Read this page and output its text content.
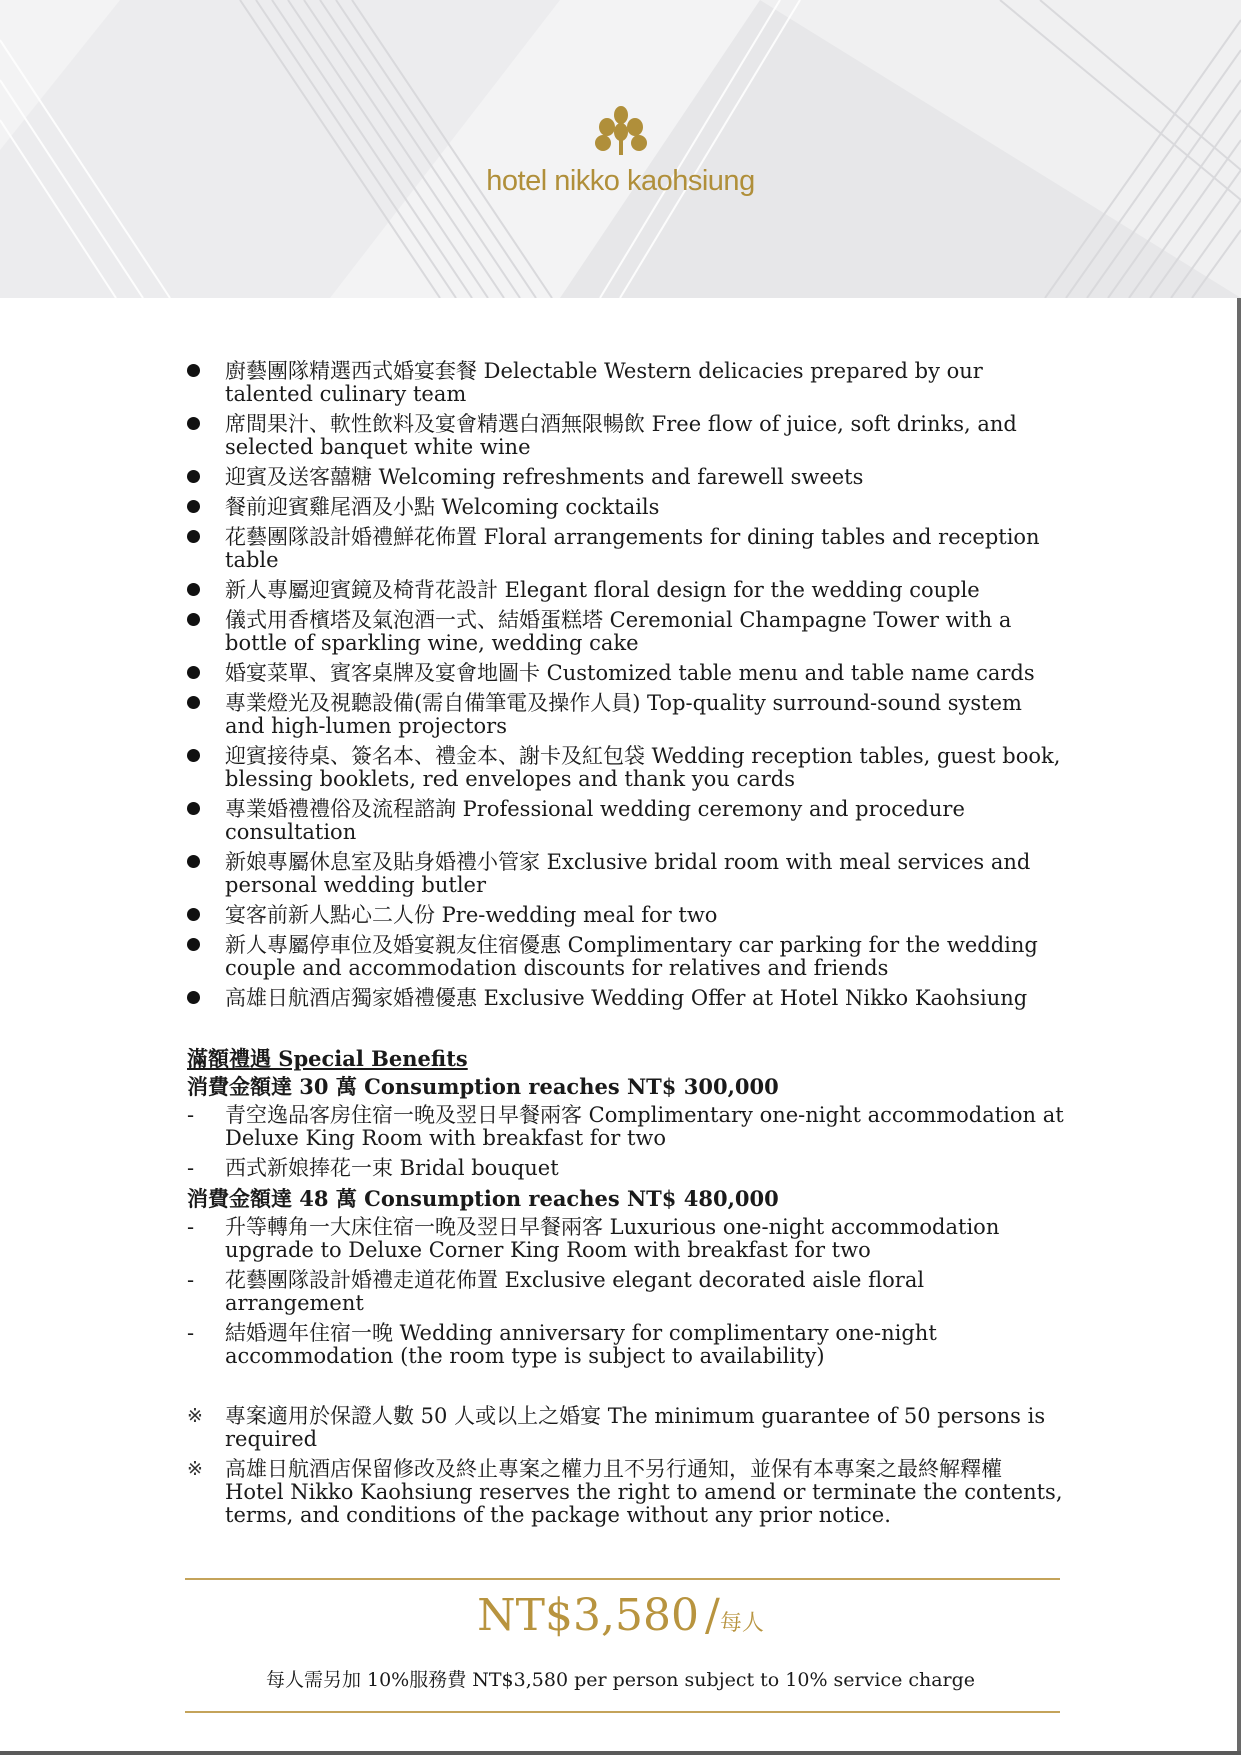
hotel nikko kaohsiung
廚藝團隊精選西式婚宴套餐 Delectable Western delicacies prepared by our talented culinary team
席間果汁、軟性飲料及宴會精選白酒無限暢飲 Free flow of juice, soft drinks, and selected banquet white wine
迎賓及送客囍糖 Welcoming refreshments and farewell sweets
餐前迎賓雞尾酒及小點 Welcoming cocktails
花藝團隊設計婚禮鮮花佈置 Floral arrangements for dining tables and reception table
新人專屬迎賓鏡及椅背花設計 Elegant floral design for the wedding couple
儀式用香檳塔及氣泡酒一式、結婚蛋糕塔 Ceremonial Champagne Tower with a bottle of sparkling wine, wedding cake
婚宴菜單、賓客桌牌及宴會地圖卡 Customized table menu and table name cards
專業燈光及視聽設備(需自備筆電及操作人員) Top-quality surround-sound system and high-lumen projectors
迎賓接待桌、簽名本、禮金本、謝卡及紅包袋 Wedding reception tables, guest book, blessing booklets, red envelopes and thank you cards
專業婚禮禮俗及流程諮詢 Professional wedding ceremony and procedure consultation
新娘專屬休息室及貼身婚禮小管家 Exclusive bridal room with meal services and personal wedding butler
宴客前新人點心二人份 Pre-wedding meal for two
新人專屬停車位及婚宴親友住宿優惠 Complimentary car parking for the wedding couple and accommodation discounts for relatives and friends
高雄日航酒店獨家婚禮優惠 Exclusive Wedding Offer at Hotel Nikko Kaohsiung
滿額禮遇 Special Benefits
消費金額達 30 萬 Consumption reaches NT$ 300,000
- 青空逸品客房住宿一晚及翌日早餐兩客 Complimentary one-night accommodation at Deluxe King Room with breakfast for two
- 西式新娘捧花一束 Bridal bouquet
消費金額達 48 萬 Consumption reaches NT$ 480,000
- 升等轉角一大床住宿一晚及翌日早餐兩客 Luxurious one-night accommodation upgrade to Deluxe Corner King Room with breakfast for two
- 花藝團隊設計婚禮走道花佈置 Exclusive elegant decorated aisle floral arrangement
- 結婚週年住宿一晚 Wedding anniversary for complimentary one-night accommodation (the room type is subject to availability)
※ 專案適用於保證人數 50 人或以上之婚宴 The minimum guarantee of 50 persons is required
※ 高雄日航酒店保留修改及終止專案之權力且不另行通知，並保有本專案之最終解釋權 Hotel Nikko Kaohsiung reserves the right to amend or terminate the contents, terms, and conditions of the package without any prior notice.
NT$3,580 /每人
每人需另加 10%服務費 NT$3,580 per person subject to 10% service charge
